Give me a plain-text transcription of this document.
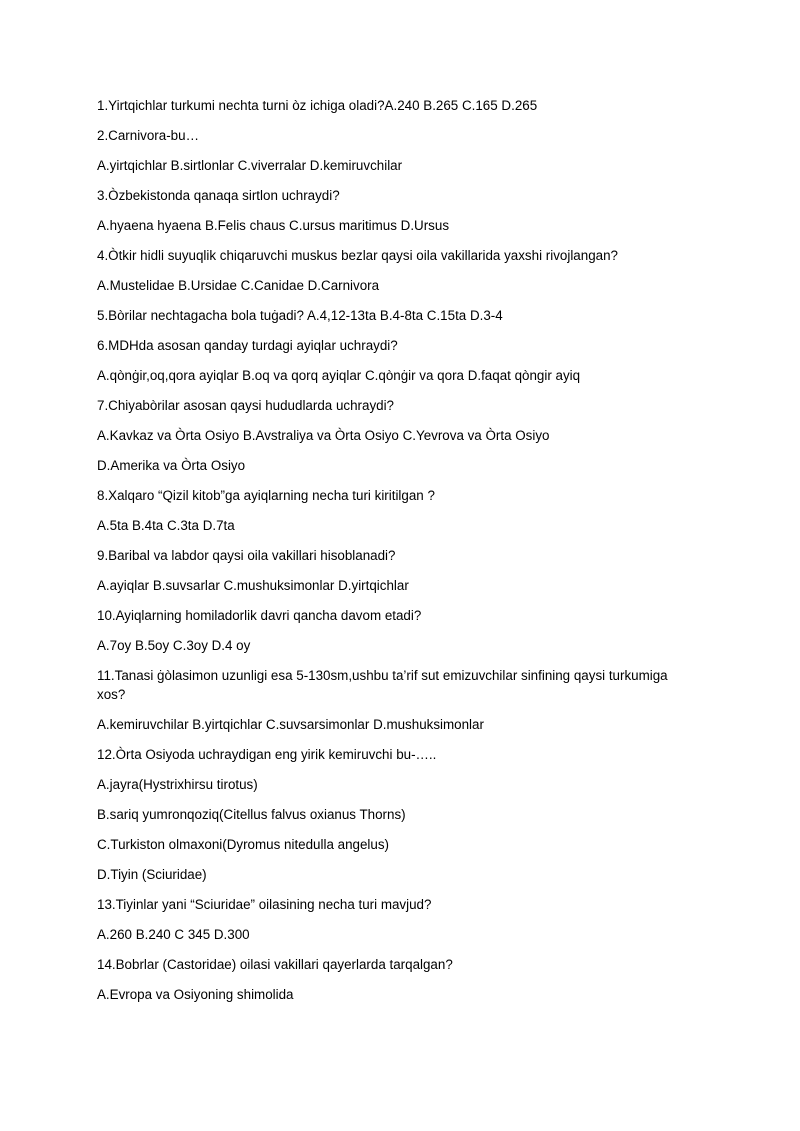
1.Yirtqichlar turkumi nechta turni òz ichiga oladi?A.240 B.265 C.165 D.265

2.Carnivora-bu…

A.yirtqichlar B.sirtlonlar C.viverralar D.kemiruvchilar

3.Òzbekistonda qanaqa sirtlon uchraydi?

A.hyaena hyaena B.Felis chaus C.ursus maritimus D.Ursus

4.Òtkir hidli suyuqlik chiqaruvchi muskus bezlar qaysi oila vakillarida yaxshi rivojlangan?

A.Mustelidae B.Ursidae C.Canidae D.Carnivora

5.Bòrilar nechtagacha bola tuġadi? A.4,12-13ta B.4-8ta C.15ta D.3-4

6.MDHda asosan qanday turdagi ayiqlar uchraydi?

A.qònġir,oq,qora ayiqlar B.oq va qorq ayiqlar C.qònġir va qora D.faqat qòngir ayiq

7.Chiyabòrilar asosan qaysi hududlarda uchraydi?

A.Kavkaz va Òrta Osiyo B.Avstraliya va Òrta Osiyo C.Yevrova va Òrta Osiyo

D.Amerika va Òrta Osiyo

8.Xalqaro “Qizil kitob”ga ayiqlarning necha turi kiritilgan ?

A.5ta B.4ta C.3ta D.7ta

9.Baribal va labdor qaysi oila vakillari hisoblanadi?

A.ayiqlar B.suvsarlar C.mushuksimonlar D.yirtqichlar

10.Ayiqlarning homiladorlik davri qancha davom etadi?

A.7oy B.5oy C.3oy D.4 oy

11.Tanasi ġòlasimon uzunligi esa 5-130sm,ushbu ta’rif sut emizuvchilar sinfining qaysi turkumiga xos?

A.kemiruvchilar B.yirtqichlar C.suvsarsimonlar D.mushuksimonlar

12.Òrta Osiyoda uchraydigan eng yirik kemiruvchi bu-…..

A.jayra(Hystrixhirsu tirotus)

B.sariq yumronqoziq(Citellus falvus oxianus Thorns)

C.Turkiston olmaxoni(Dyromus nitedulla angelus)

D.Tiyin (Sciuridae)

13.Tiyinlar yani “Sciuridae” oilasining necha turi mavjud?

A.260 B.240 C 345 D.300

14.Bobrlar (Castoridae) oilasi vakillari qayerlarda tarqalgan?

A.Evropa va Osiyoning shimolida
